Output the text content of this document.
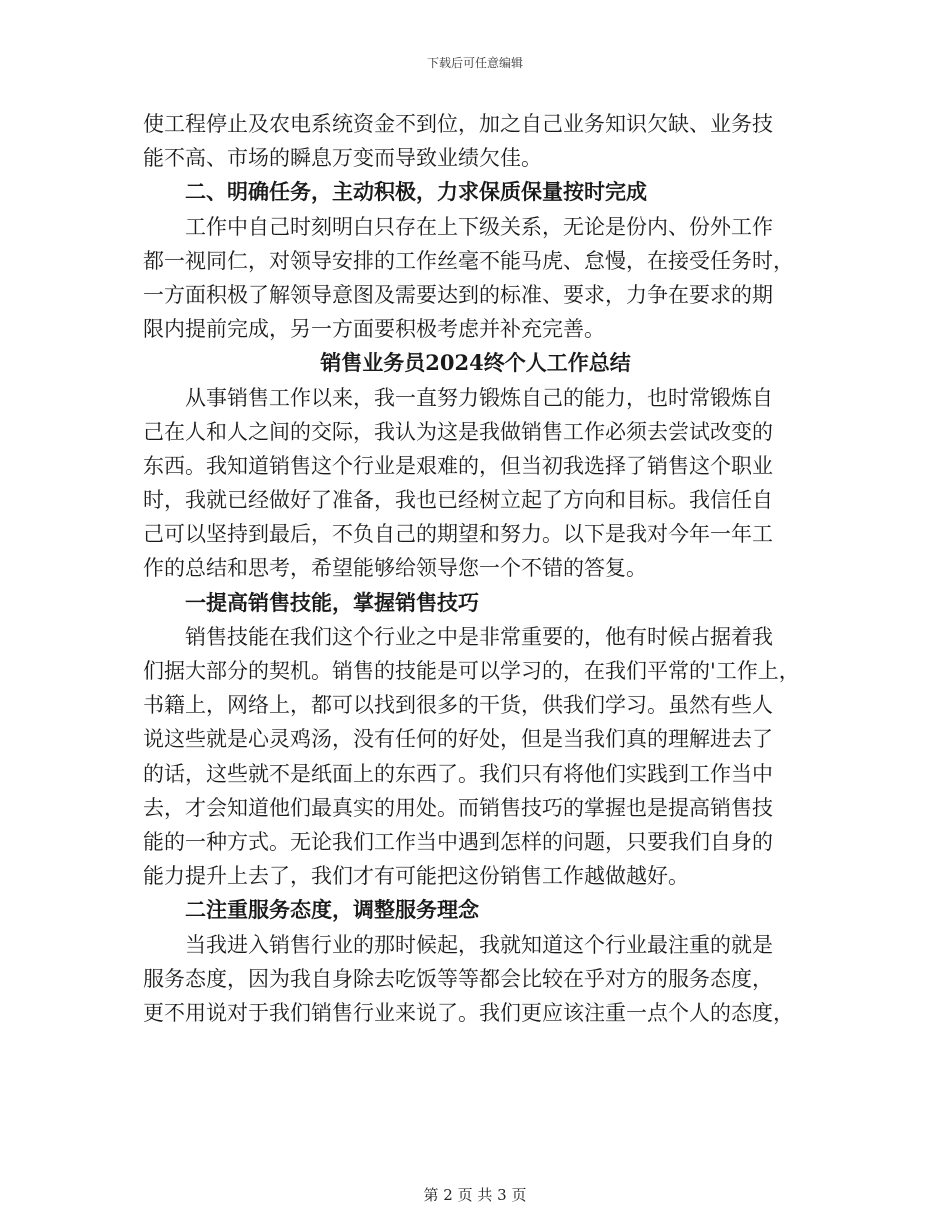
下载后可任意编辑
使工程停止及农电系统资金不到位，加之自己业务知识欠缺、业务技
能不高、市场的瞬息万变而导致业绩欠佳。
二、明确任务，主动积极，力求保质保量按时完成
工作中自己时刻明白只存在上下级关系，无论是份内、份外工作
都一视同仁，对领导安排的工作丝毫不能马虎、怠慢，在接受任务时，
一方面积极了解领导意图及需要达到的标准、要求，力争在要求的期
限内提前完成，另一方面要积极考虑并补充完善。
销售业务员2024终个人工作总结
从事销售工作以来，我一直努力锻炼自己的能力，也时常锻炼自
己在人和人之间的交际，我认为这是我做销售工作必须去尝试改变的
东西。我知道销售这个行业是艰难的，但当初我选择了销售这个职业
时，我就已经做好了准备，我也已经树立起了方向和目标。我信任自
己可以坚持到最后，不负自己的期望和努力。以下是我对今年一年工
作的总结和思考，希望能够给领导您一个不错的答复。
一提高销售技能，掌握销售技巧
销售技能在我们这个行业之中是非常重要的，他有时候占据着我
们据大部分的契机。销售的技能是可以学习的，在我们平常的'工作上，
书籍上，网络上，都可以找到很多的干货，供我们学习。虽然有些人
说这些就是心灵鸡汤，没有任何的好处，但是当我们真的理解进去了
的话，这些就不是纸面上的东西了。我们只有将他们实践到工作当中
去，才会知道他们最真实的用处。而销售技巧的掌握也是提高销售技
能的一种方式。无论我们工作当中遇到怎样的问题，只要我们自身的
能力提升上去了，我们才有可能把这份销售工作越做越好。
二注重服务态度，调整服务理念
当我进入销售行业的那时候起，我就知道这个行业最注重的就是
服务态度，因为我自身除去吃饭等等都会比较在乎对方的服务态度，
更不用说对于我们销售行业来说了。我们更应该注重一点个人的态度，
第 2 页 共 3 页
